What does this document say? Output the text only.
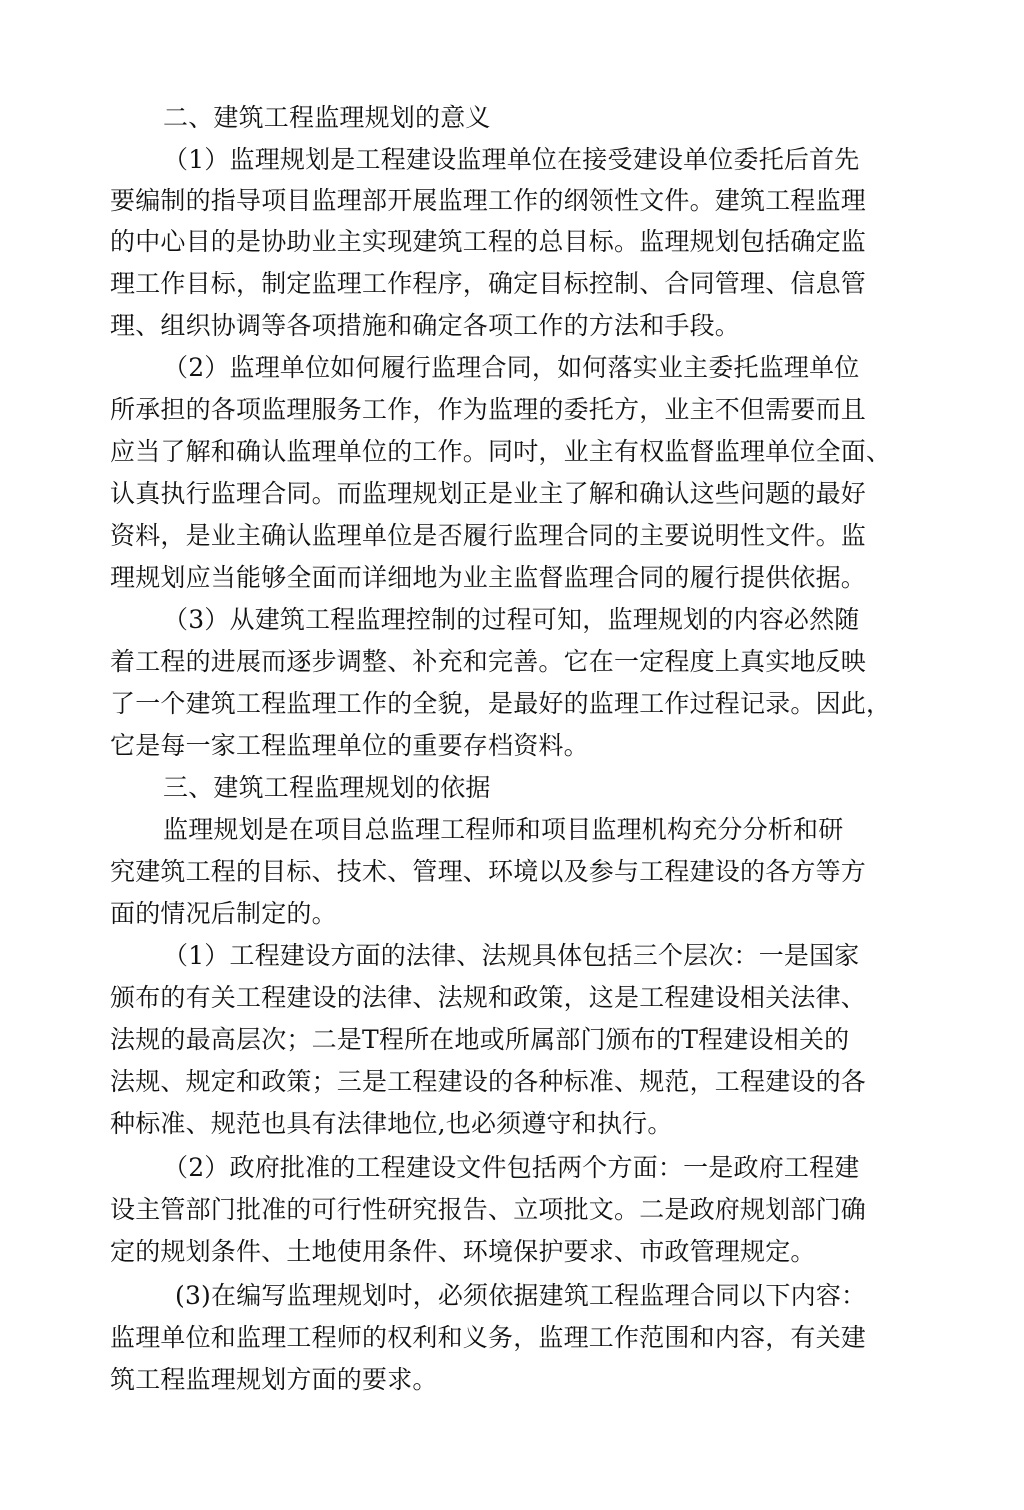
二、建筑工程监理规划的意义
（1）监理规划是工程建设监理单位在接受建设单位委托后首先
要编制的指导项目监理部开展监理工作的纲领性文件。建筑工程监理
的中心目的是协助业主实现建筑工程的总目标。监理规划包括确定监
理工作目标，制定监理工作程序，确定目标控制、合同管理、信息管
理、组织协调等各项措施和确定各项工作的方法和手段。
（2）监理单位如何履行监理合同，如何落实业主委托监理单位
所承担的各项监理服务工作，作为监理的委托方，业主不但需要而且
应当了解和确认监理单位的工作。同吋，业主有权监督监理单位全面、
认真执行监理合同。而监理规划正是业主了解和确认这些问题的最好
资料，是业主确认监理单位是否履行监理合同的主要说明性文件。监
理规划应当能够全面而详细地为业主监督监理合同的履行提供依据。
（3）从建筑工程监理控制的过程可知，监理规划的内容必然随
着工程的进展而逐步调整、补充和完善。它在一定程度上真实地反映
了一个建筑工程监理工作的全貌，是最好的监理工作过程记录。因此，
它是每一家工程监理单位的重要存档资料。
三、建筑工程监理规划的依据
监理规划是在项目总监理工程师和项目监理机构充分分析和研
究建筑工程的目标、技术、管理、环境以及参与工程建设的各方等方
面的情况后制定的。
（1）工程建设方面的法律、法规具体包括三个层次：一是国家
颁布的有关工程建设的法律、法规和政策，这是工程建设相关法律、
法规的最高层次；二是T程所在地或所属部门颁布的T程建设相关的
法规、规定和政策；三是工程建设的各种标准、规范，工程建设的各
种标准、规范也具有法律地位,也必须遵守和执行。
（2）政府批准的工程建设文件包括两个方面：一是政府工程建
设主管部门批准的可行性研究报告、立项批文。二是政府规划部门确
定的规划条件、土地使用条件、环境保护要求、市政管理规定。
(3)在编写监理规划吋，必须依据建筑工程监理合同以下内容：
监理单位和监理工程师的权利和义务，监理工作范围和内容，有关建
筑工程监理规划方面的要求。
